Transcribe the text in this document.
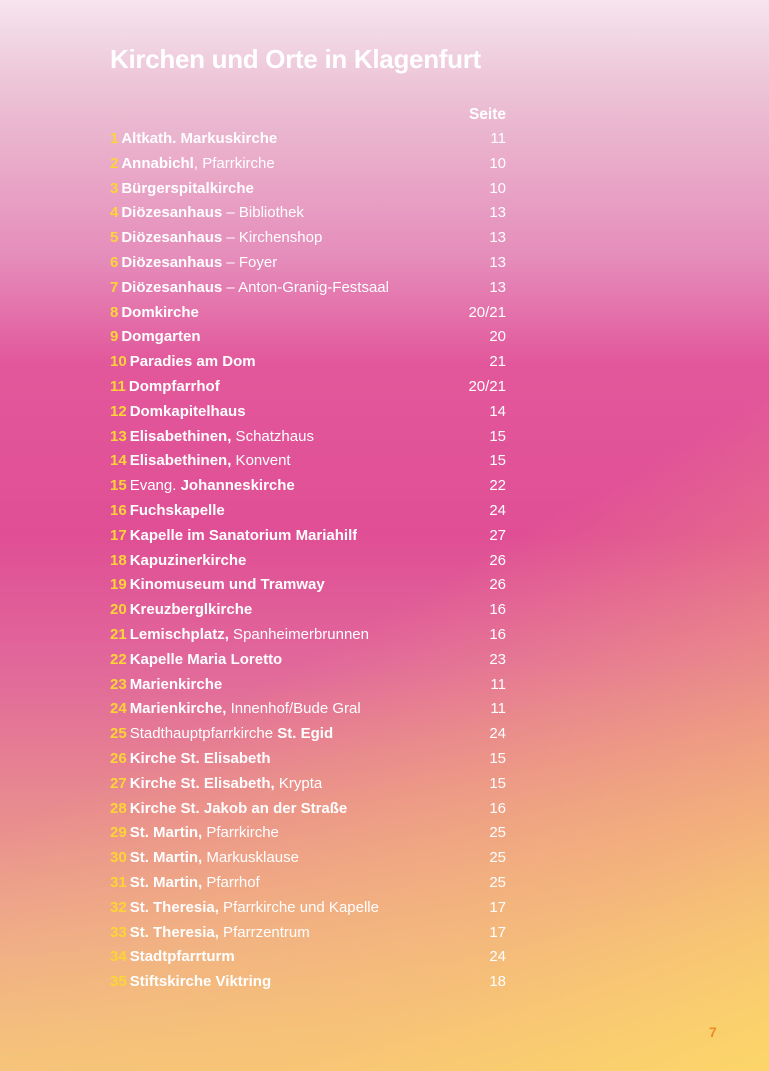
Kirchen und Orte in Klagenfurt
Seite
1 Altkath. Markuskirche	11
2 Annabichl, Pfarrkirche	10
3 Bürgerspitalkirche	10
4 Diözesanhaus – Bibliothek	13
5 Diözesanhaus – Kirchenshop	13
6 Diözesanhaus – Foyer	13
7 Diözesanhaus – Anton-Granig-Festsaal	13
8 Domkirche	20/21
9 Domgarten	20
10 Paradies am Dom	21
11 Dompfarrhof	20/21
12 Domkapitelhaus	14
13 Elisabethinen, Schatzhaus	15
14 Elisabethinen, Konvent	15
15 Evang. Johanneskirche	22
16 Fuchskapelle	24
17 Kapelle im Sanatorium Mariahilf	27
18 Kapuzinerkirche	26
19 Kinomuseum und Tramway	26
20 Kreuzberglkirche	16
21 Lemischplatz, Spanheimerbrunnen	16
22 Kapelle Maria Loretto	23
23 Marienkirche	11
24 Marienkirche, Innenhof/Bude Gral	11
25 Stadthauptpfarrkirche St. Egid	24
26 Kirche St. Elisabeth	15
27 Kirche St. Elisabeth, Krypta	15
28 Kirche St. Jakob an der Straße	16
29 St. Martin, Pfarrkirche	25
30 St. Martin, Markusklause	25
31 St. Martin, Pfarrhof	25
32 St. Theresia, Pfarrkirche und Kapelle	17
33 St. Theresia, Pfarrzentrum	17
34 Stadtpfarrturm	24
35 Stiftskirche Viktring	18
7
